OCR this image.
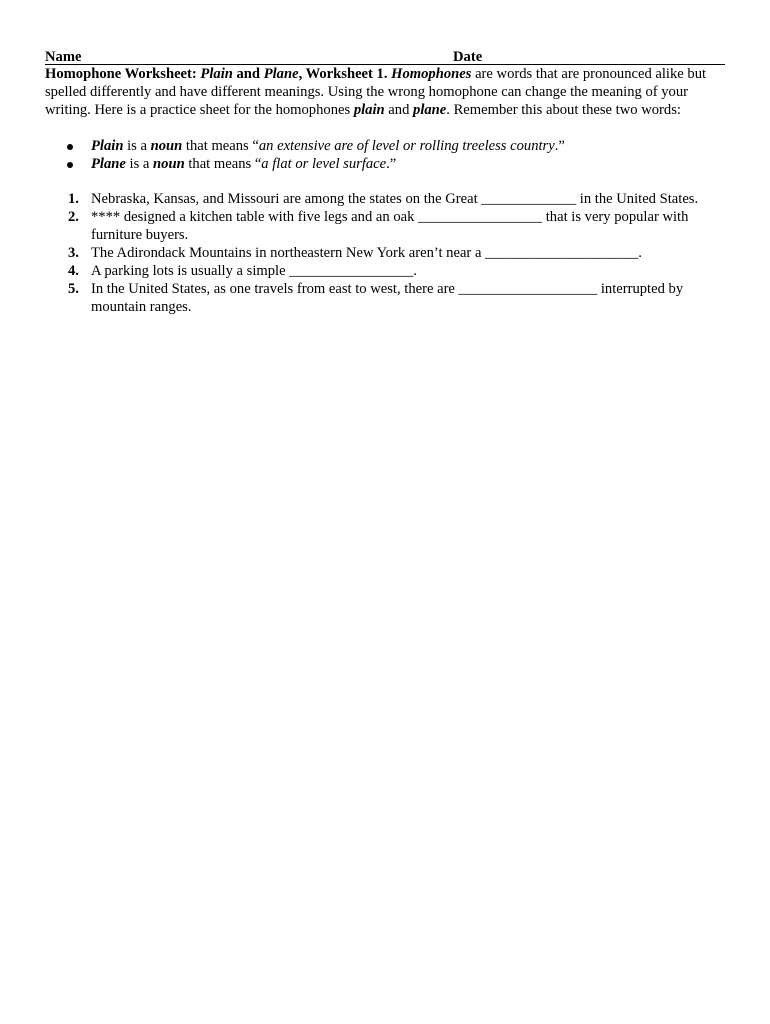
Name	Date

Homophone Worksheet: Plain and Plane, Worksheet 1. Homophones are words that are pronounced alike but spelled differently and have different meanings. Using the wrong homophone can change the meaning of your writing. Here is a practice sheet for the homophones plain and plane. Remember this about these two words:

Plain is a noun that means “an extensive are of level or rolling treeless country.”
Plane is a noun that means “a flat or level surface.”
1. Nebraska, Kansas, and Missouri are among the states on the Great _____________ in the United States.
2. **** designed a kitchen table with five legs and an oak _________________ that is very popular with furniture buyers.
3. The Adirondack Mountains in northeastern New York aren’t near a _____________________.
4. A parking lots is usually a simple _________________.
5. In the United States, as one travels from east to west, there are ___________________ interrupted by mountain ranges.
